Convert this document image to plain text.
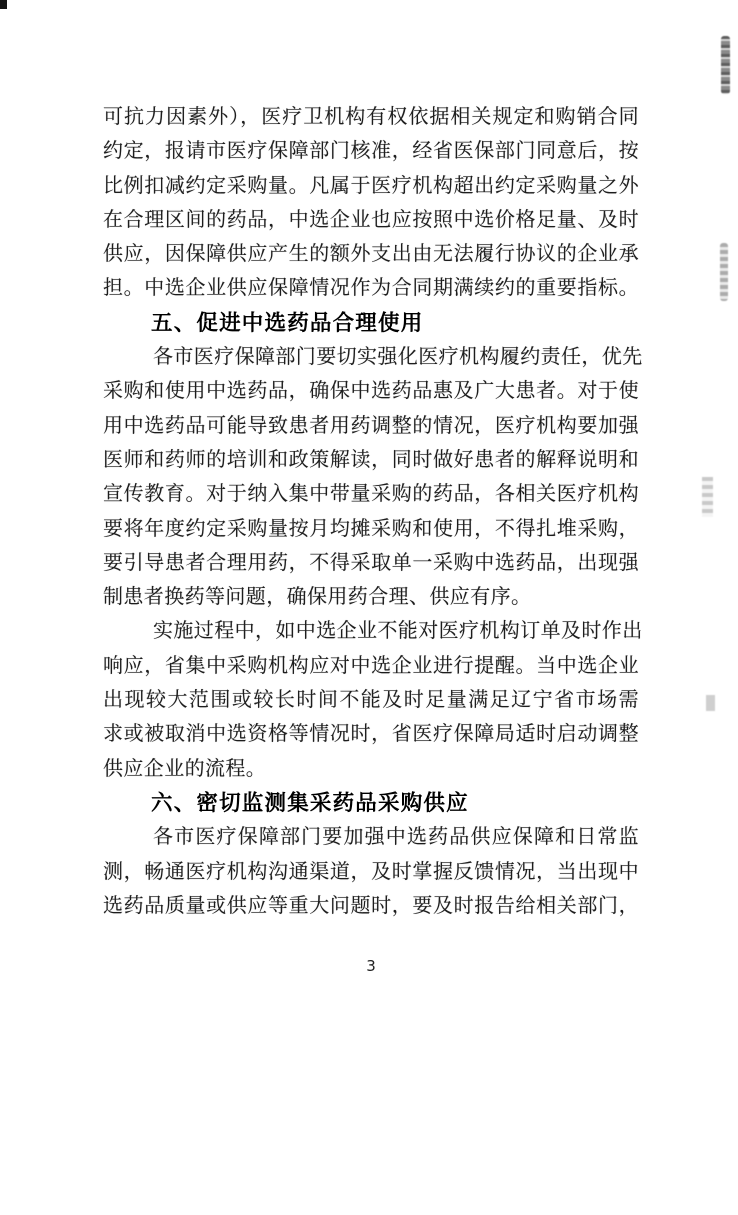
可抗力因素外），医疗卫机构有权依据相关规定和购销合同
约定，报请市医疗保障部门核准，经省医保部门同意后，按
比例扣减约定采购量。凡属于医疗机构超出约定采购量之外
在合理区间的药品，中选企业也应按照中选价格足量、及时
供应，因保障供应产生的额外支出由无法履行协议的企业承
担。中选企业供应保障情况作为合同期满续约的重要指标。
五、促进中选药品合理使用
各市医疗保障部门要切实强化医疗机构履约责任，优先
采购和使用中选药品，确保中选药品惠及广大患者。对于使
用中选药品可能导致患者用药调整的情况，医疗机构要加强
医师和药师的培训和政策解读，同时做好患者的解释说明和
宣传教育。对于纳入集中带量采购的药品，各相关医疗机构
要将年度约定采购量按月均摊采购和使用，不得扎堆采购，
要引导患者合理用药，不得采取单一采购中选药品，出现强
制患者换药等问题，确保用药合理、供应有序。
实施过程中，如中选企业不能对医疗机构订单及时作出
响应，省集中采购机构应对中选企业进行提醒。当中选企业
出现较大范围或较长时间不能及时足量满足辽宁省市场需
求或被取消中选资格等情况时，省医疗保障局适时启动调整
供应企业的流程。
六、密切监测集采药品采购供应
各市医疗保障部门要加强中选药品供应保障和日常监
测，畅通医疗机构沟通渠道，及时掌握反馈情况，当出现中
选药品质量或供应等重大问题时，要及时报告给相关部门，
3
